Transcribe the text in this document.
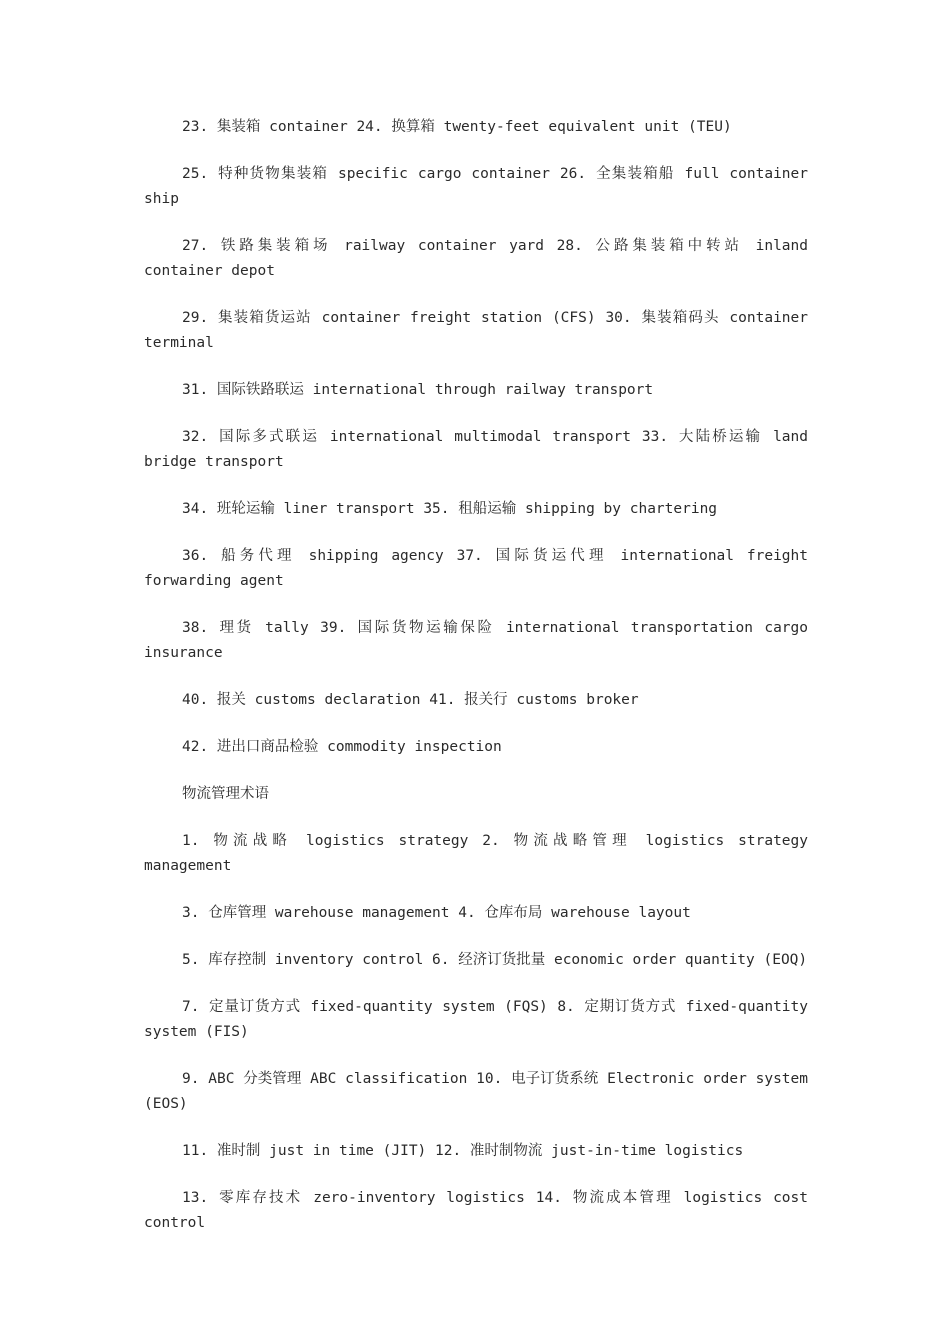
23. 集装箱 container 24. 换算箱 twenty-feet equivalent unit (TEU)

25. 特种货物集装箱 specific cargo container 26. 全集装箱船 full container ship

27. 铁路集装箱场 railway container yard 28. 公路集装箱中转站 inland container depot

29. 集装箱货运站 container freight station (CFS) 30. 集装箱码头 container terminal

31. 国际铁路联运 international through railway transport

32. 国际多式联运 international multimodal transport 33. 大陆桥运输 land bridge transport

34. 班轮运输 liner transport 35. 租船运输 shipping by chartering

36. 船务代理 shipping agency 37. 国际货运代理 international freight forwarding agent

38. 理货 tally 39. 国际货物运输保险 international transportation cargo insurance

40. 报关 customs declaration 41. 报关行 customs broker

42. 进出口商品检验 commodity inspection

物流管理术语

1. 物流战略 logistics strategy 2. 物流战略管理 logistics strategy management

3. 仓库管理 warehouse management 4. 仓库布局 warehouse layout

5. 库存控制 inventory control 6. 经济订货批量 economic order quantity (EOQ)

7. 定量订货方式 fixed-quantity system (FQS) 8. 定期订货方式 fixed-quantity system (FIS)

9. ABC 分类管理 ABC classification 10. 电子订货系统 Electronic order system (EOS)

11. 准时制 just in time (JIT) 12. 准时制物流 just-in-time logistics

13. 零库存技术 zero-inventory logistics 14. 物流成本管理 logistics cost control
